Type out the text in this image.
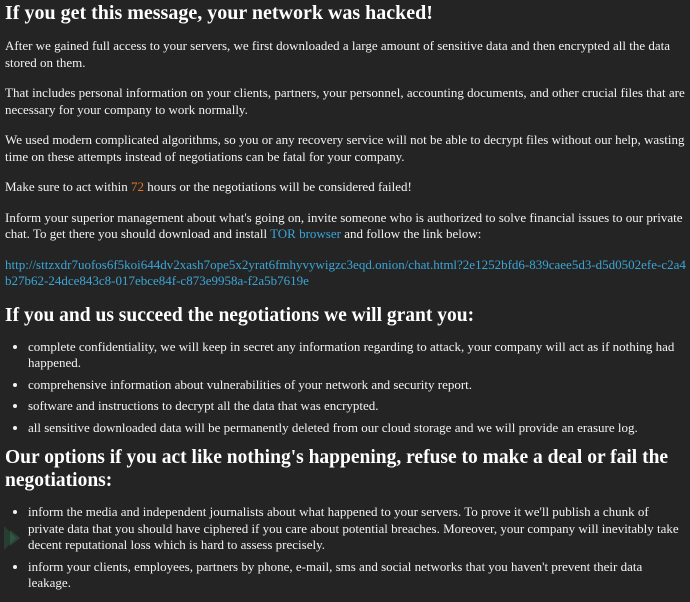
If you get this message, your network was hacked!

After we gained full access to your servers, we first downloaded a large amount of sensitive data and then encrypted all the data stored on them.

That includes personal information on your clients, partners, your personnel, accounting documents, and other crucial files that are necessary for your company to work normally.

We used modern complicated algorithms, so you or any recovery service will not be able to decrypt files without our help, wasting time on these attempts instead of negotiations can be fatal for your company.

Make sure to act within 72 hours or the negotiations will be considered failed!

Inform your superior management about what's going on, invite someone who is authorized to solve financial issues to our private chat. To get there you should download and install TOR browser and follow the link below:

http://sttzxdr7uofos6f5koi644dv2xash7ope5x2yrat6fmhyvywigzc3eqd.onion/chat.html?2e1252bfd6-839caee5d3-d5d0502efe-c2a4b27b62-24dce843c8-017ebce84f-c873e9958a-f2a5b7619e

If you and us succeed the negotiations we will grant you:
• complete confidentiality, we will keep in secret any information regarding to attack, your company will act as if nothing had happened.
• comprehensive information about vulnerabilities of your network and security report.
• software and instructions to decrypt all the data that was encrypted.
• all sensitive downloaded data will be permanently deleted from our cloud storage and we will provide an erasure log.
Our options if you act like nothing's happening, refuse to make a deal or fail the negotiations:
• inform the media and independent journalists about what happened to your servers. To prove it we'll publish a chunk of private data that you should have ciphered if you care about potential breaches. Moreover, your company will inevitably take decent reputational loss which is hard to assess precisely.
• inform your clients, employees, partners by phone, e-mail, sms and social networks that you haven't prevent their data leakage.
